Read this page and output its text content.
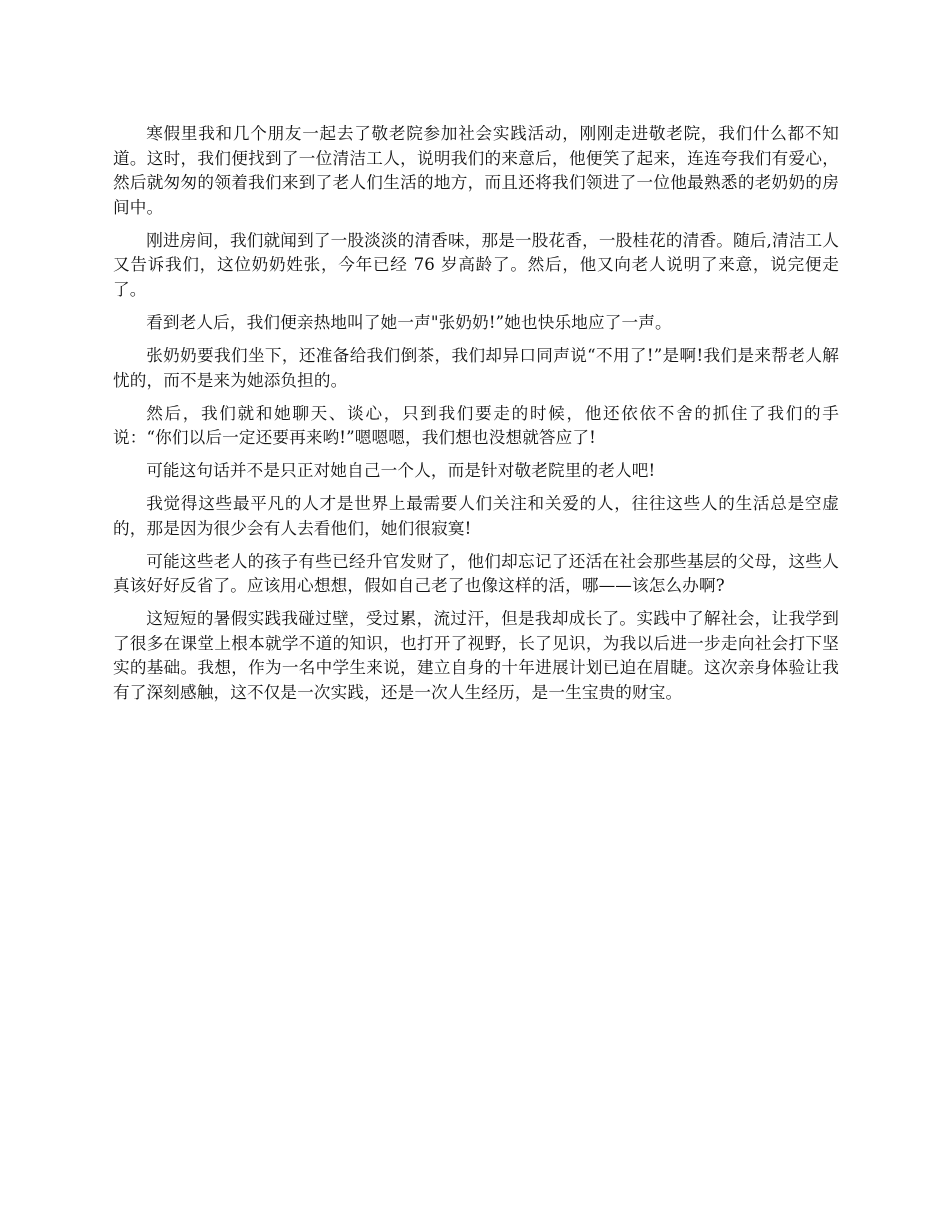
寒假里我和几个朋友一起去了敬老院参加社会实践活动，刚刚走进敬老院，我们什么都不知道。这时，我们便找到了一位清洁工人，说明我们的来意后，他便笑了起来，连连夸我们有爱心，然后就匆匆的领着我们来到了老人们生活的地方，而且还将我们领进了一位他最熟悉的老奶奶的房间中。

刚进房间，我们就闻到了一股淡淡的清香味，那是一股花香，一股桂花的清香。随后,清洁工人又告诉我们，这位奶奶姓张，今年已经 76 岁高龄了。然后，他又向老人说明了来意，说完便走了。

看到老人后，我们便亲热地叫了她一声"张奶奶!”她也快乐地应了一声。

张奶奶要我们坐下，还准备给我们倒茶，我们却异口同声说“不用了!”是啊!我们是来帮老人解忧的，而不是来为她添负担的。

然后，我们就和她聊天、谈心，只到我们要走的时候，他还依依不舍的抓住了我们的手说：“你们以后一定还要再来哟!”嗯嗯嗯，我们想也没想就答应了!

可能这句话并不是只正对她自己一个人，而是针对敬老院里的老人吧!

我觉得这些最平凡的人才是世界上最需要人们关注和关爱的人，往往这些人的生活总是空虚的，那是因为很少会有人去看他们，她们很寂寞!

可能这些老人的孩子有些已经升官发财了，他们却忘记了还活在社会那些基层的父母，这些人真该好好反省了。应该用心想想，假如自己老了也像这样的活，哪——该怎么办啊?

这短短的暑假实践我碰过壁，受过累，流过汗，但是我却成长了。实践中了解社会，让我学到了很多在课堂上根本就学不道的知识，也打开了视野，长了见识，为我以后进一步走向社会打下坚实的基础。我想，作为一名中学生来说，建立自身的十年进展计划已迫在眉睫。这次亲身体验让我有了深刻感触，这不仅是一次实践，还是一次人生经历，是一生宝贵的财宝。
